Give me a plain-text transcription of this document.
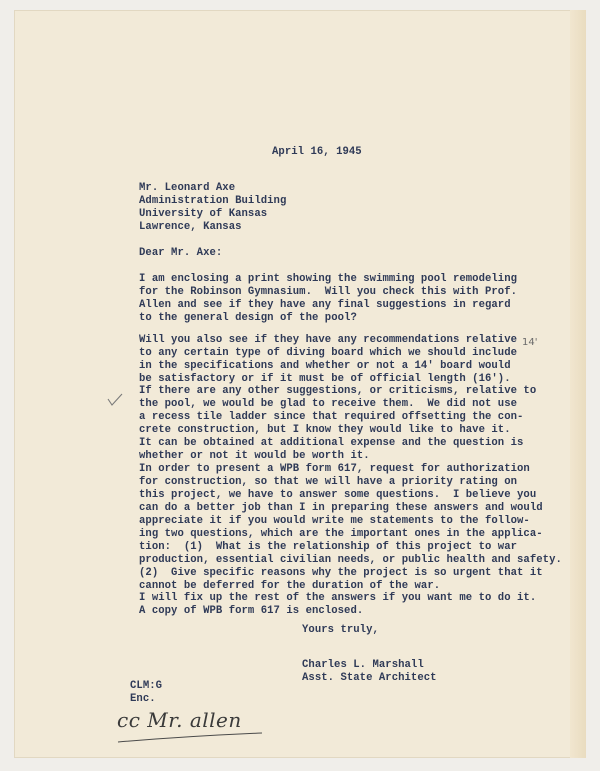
April 16, 1945
Mr. Leonard Axe
Administration Building
University of Kansas
Lawrence, Kansas
Dear Mr. Axe:
I am enclosing a print showing the swimming pool remodeling
for the Robinson Gymnasium.  Will you check this with Prof.
Allen and see if they have any final suggestions in regard
to the general design of the pool?
Will you also see if they have any recommendations relative
to any certain type of diving board which we should include
in the specifications and whether or not a 14' board would
be satisfactory or if it must be of official length (16').
If there are any other suggestions, or criticisms, relative to
the pool, we would be glad to receive them.  We did not use
a recess tile ladder since that required offsetting the con-
crete construction, but I know they would like to have it.
It can be obtained at additional expense and the question is
whether or not it would be worth it.
In order to present a WPB form 617, request for authorization
for construction, so that we will have a priority rating on
this project, we have to answer some questions.  I believe you
can do a better job than I in preparing these answers and would
appreciate it if you would write me statements to the follow-
ing two questions, which are the important ones in the applica-
tion:  (1)  What is the relationship of this project to war
production, essential civilian needs, or public health and safety.
(2)  Give specific reasons why the project is so urgent that it
cannot be deferred for the duration of the war.
I will fix up the rest of the answers if you want me to do it.
A copy of WPB form 617 is enclosed.
Yours truly,
Charles L. Marshall
Asst. State Architect
CLM:G
Enc.
cc Mr. allen
14'
